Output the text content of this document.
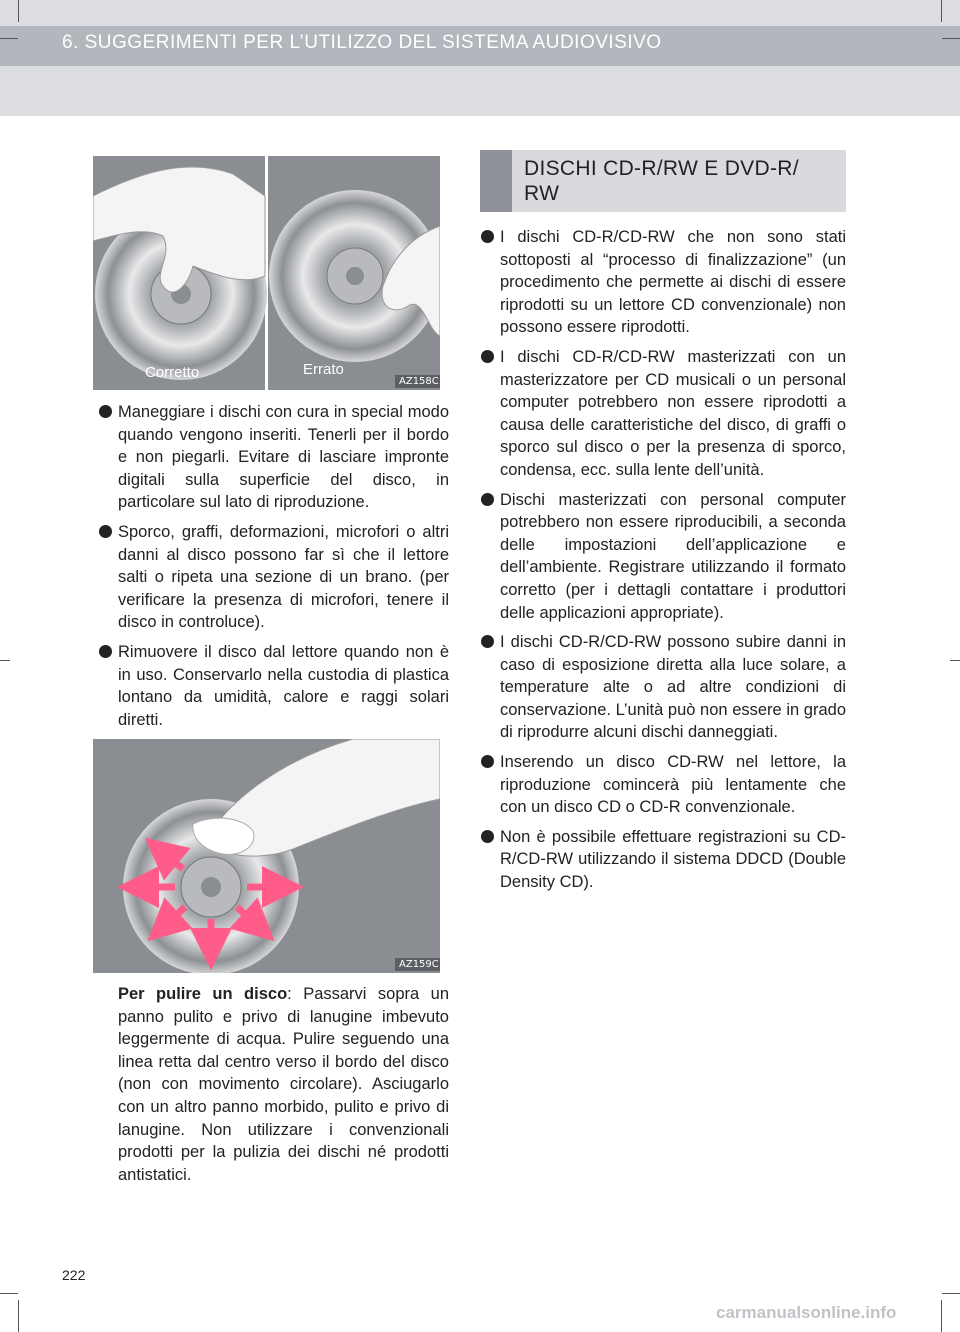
6. SUGGERIMENTI PER L’UTILIZZO DEL SISTEMA AUDIOVISIVO
Corretto	Errato
AZ158C
Maneggiare i dischi con cura in special modo quando vengono inseriti. Tenerli per il bordo e non piegarli. Evitare di lasciare impronte digitali sulla superficie del disco, in particolare sul lato di riproduzione.
Sporco, graffi, deformazioni, microfori o altri danni al disco possono far sì che il lettore salti o ripeta una sezione di un brano. (per verificare la presenza di microfori, tenere il disco in controluce).
Rimuovere il disco dal lettore quando non è in uso. Conservarlo nella custodia di plastica lontano da umidità, calore e raggi solari diretti.
AZ159C
Per pulire un disco: Passarvi sopra un panno pulito e privo di lanugine imbevuto leggermente di acqua. Pulire seguendo una linea retta dal centro verso il bordo del disco (non con movimento circolare). Asciugarlo con un altro panno morbido, pulito e privo di lanugine. Non utilizzare i convenzionali prodotti per la pulizia dei dischi né prodotti antistatici.
DISCHI CD-R/RW E DVD-R/ RW
I dischi CD-R/CD-RW che non sono stati sottoposti al “processo di finalizzazione” (un procedimento che permette ai dischi di essere riprodotti su un lettore CD convenzionale) non possono essere riprodotti.
I dischi CD-R/CD-RW masterizzati con un masterizzatore per CD musicali o un personal computer potrebbero non essere riprodotti a causa delle caratteristiche del disco, di graffi o sporco sul disco o per la presenza di sporco, condensa, ecc. sulla lente dell’unità.
Dischi masterizzati con personal computer potrebbero non essere riproducibili, a seconda delle impostazioni dell’applicazione e dell’ambiente. Registrare utilizzando il formato corretto (per i dettagli contattare i produttori delle applicazioni appropriate).
I dischi CD-R/CD-RW possono subire danni in caso di esposizione diretta alla luce solare, a temperature alte o ad altre condizioni di conservazione. L’unità può non essere in grado di riprodurre alcuni dischi danneggiati.
Inserendo un disco CD-RW nel lettore, la riproduzione comincerà più lentamente che con un disco CD o CD-R convenzionale.
Non è possibile effettuare registrazioni su CD-R/CD-RW utilizzando il sistema DDCD (Double Density CD).
222
carmanualsonline.info
